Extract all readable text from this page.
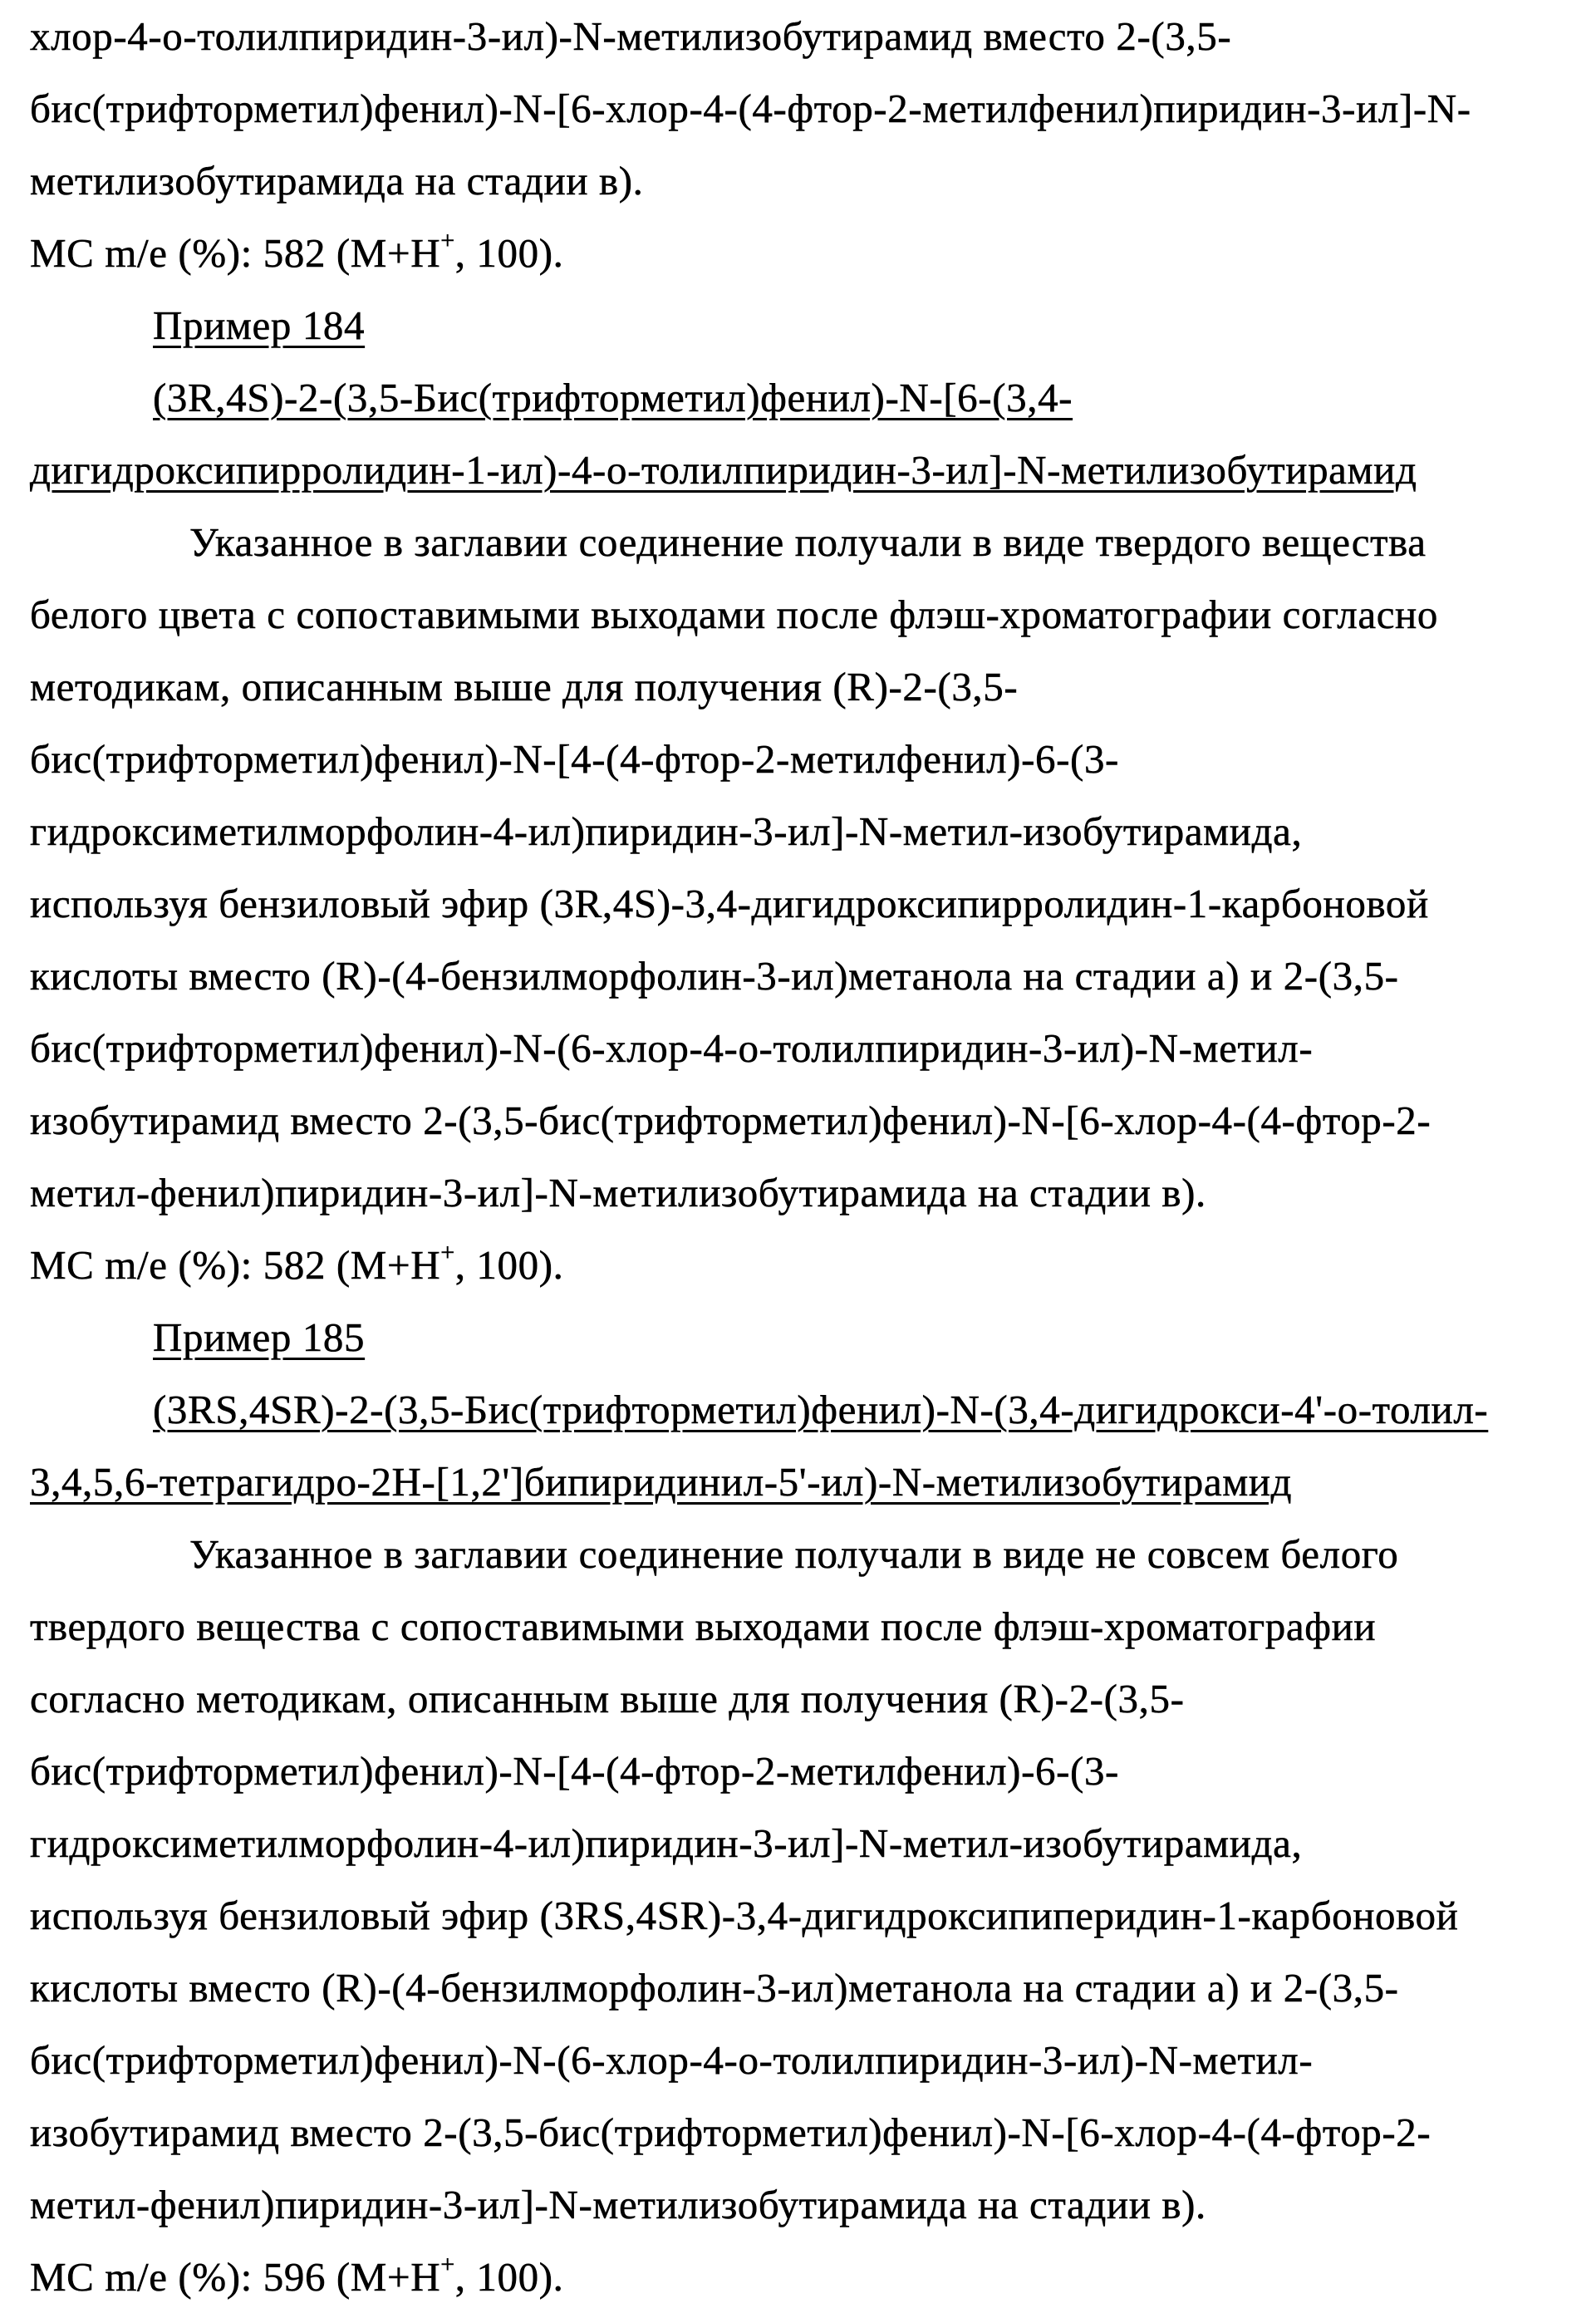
хлор-4-о-толилпиридин-3-ил)-N-метилизобутирамид вместо 2-(3,5-
бис(трифторметил)фенил)-N-[6-хлор-4-(4-фтор-2-метилфенил)пиридин-3-ил]-N-
метилизобутирамида на стадии в).
МС m/e (%): 582 (M+H+, 100).
Пример 184
(3R,4S)-2-(3,5-Бис(трифторметил)фенил)-N-[6-(3,4-
дигидроксипирролидин-1-ил)-4-о-толилпиридин-3-ил]-N-метилизобутирамид
Указанное в заглавии соединение получали в виде твердого вещества
белого цвета с сопоставимыми выходами после флэш-хроматографии согласно
методикам, описанным выше для получения (R)-2-(3,5-
бис(трифторметил)фенил)-N-[4-(4-фтор-2-метилфенил)-6-(3-
гидроксиметилморфолин-4-ил)пиридин-3-ил]-N-метил-изобутирамида,
используя бензиловый эфир (3R,4S)-3,4-дигидроксипирролидин-1-карбоновой
кислоты вместо (R)-(4-бензилморфолин-3-ил)метанола на стадии а) и 2-(3,5-
бис(трифторметил)фенил)-N-(6-хлор-4-о-толилпиридин-3-ил)-N-метил-
изобутирамид вместо 2-(3,5-бис(трифторметил)фенил)-N-[6-хлор-4-(4-фтор-2-
метил-фенил)пиридин-3-ил]-N-метилизобутирамида на стадии в).
МС m/e (%): 582 (M+H+, 100).
Пример 185
(3RS,4SR)-2-(3,5-Бис(трифторметил)фенил)-N-(3,4-дигидрокси-4'-о-толил-
3,4,5,6-тетрагидро-2H-[1,2']бипиридинил-5'-ил)-N-метилизобутирамид
Указанное в заглавии соединение получали в виде не совсем белого
твердого вещества с сопоставимыми выходами после флэш-хроматографии
согласно методикам, описанным выше для получения (R)-2-(3,5-
бис(трифторметил)фенил)-N-[4-(4-фтор-2-метилфенил)-6-(3-
гидроксиметилморфолин-4-ил)пиридин-3-ил]-N-метил-изобутирамида,
используя бензиловый эфир (3RS,4SR)-3,4-дигидроксипиперидин-1-карбоновой
кислоты вместо (R)-(4-бензилморфолин-3-ил)метанола на стадии а) и 2-(3,5-
бис(трифторметил)фенил)-N-(6-хлор-4-о-толилпиридин-3-ил)-N-метил-
изобутирамид вместо 2-(3,5-бис(трифторметил)фенил)-N-[6-хлор-4-(4-фтор-2-
метил-фенил)пиридин-3-ил]-N-метилизобутирамида на стадии в).
МС m/e (%): 596 (M+H+, 100).
